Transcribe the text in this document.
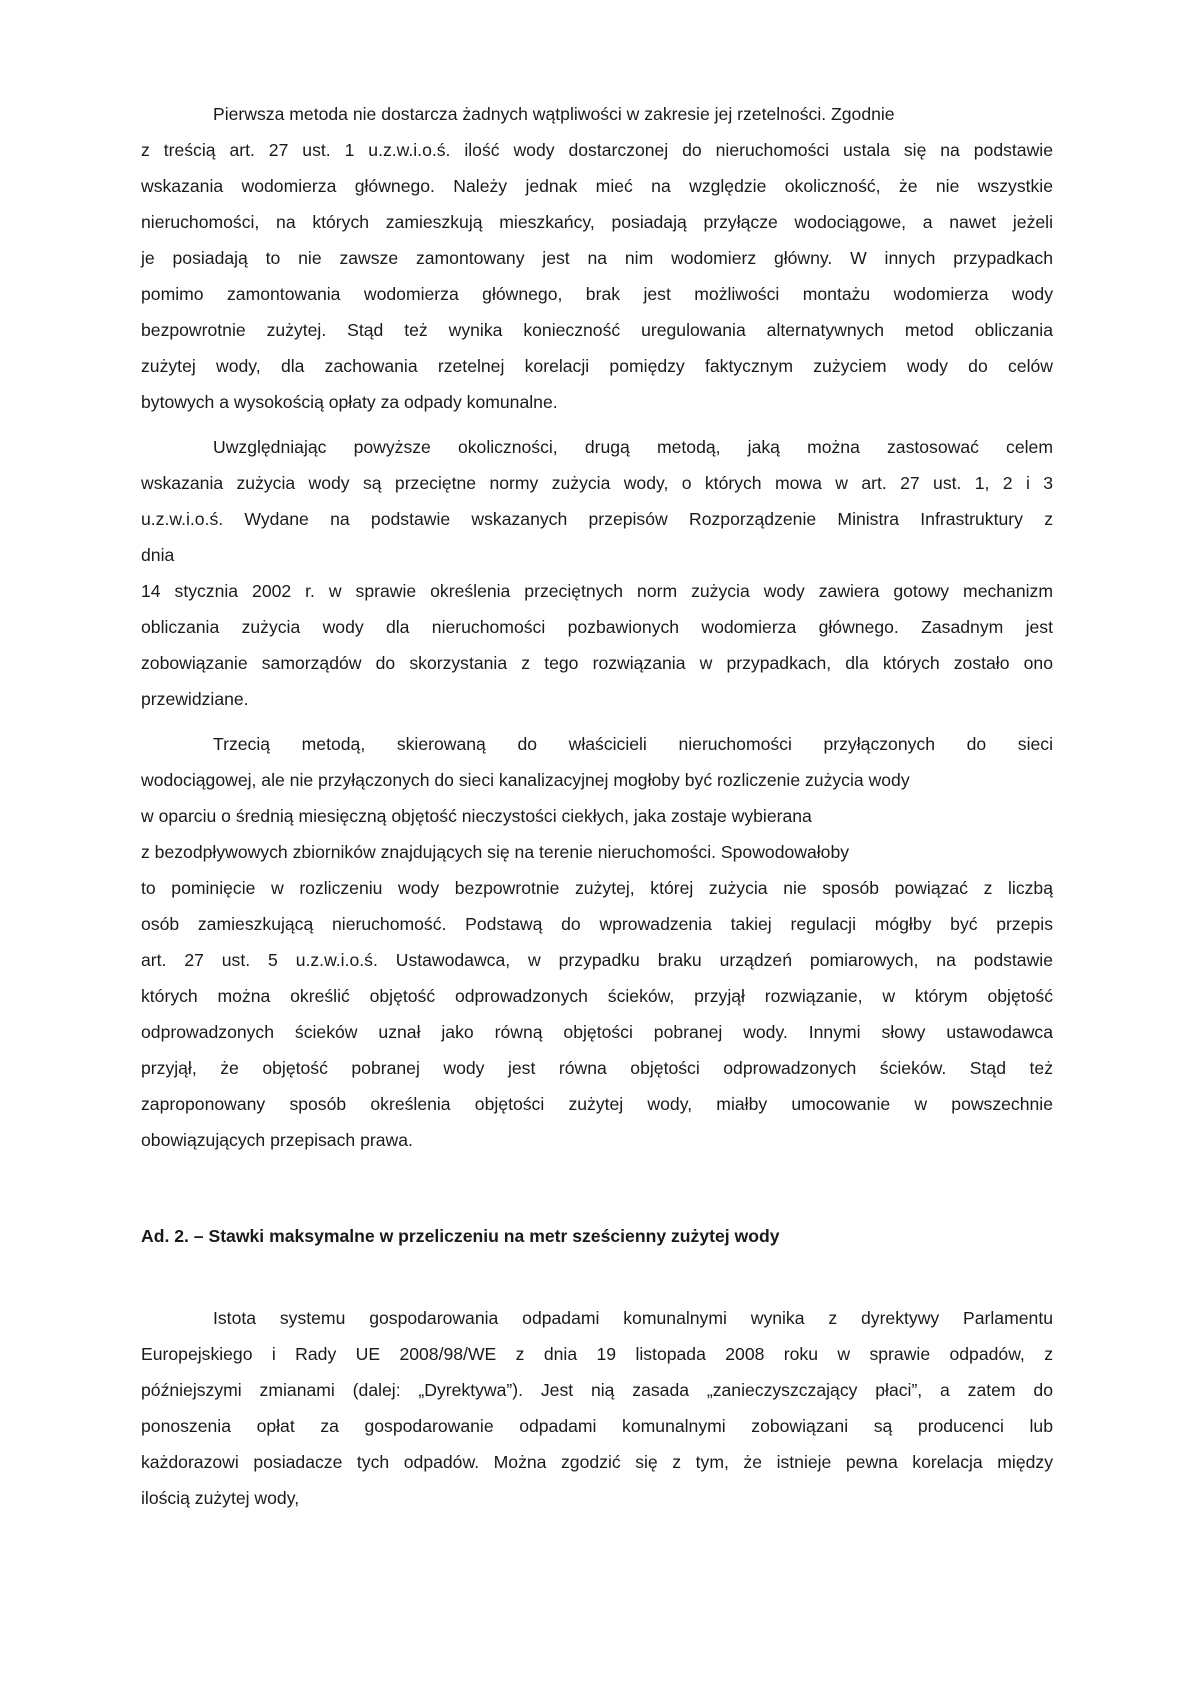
Pierwsza metoda nie dostarcza żadnych wątpliwości w zakresie jej rzetelności. Zgodnie
z treścią art. 27 ust. 1 u.z.w.i.o.ś. ilość wody dostarczonej do nieruchomości ustala się na podstawie
wskazania wodomierza głównego. Należy jednak mieć na względzie okoliczność, że nie wszystkie
nieruchomości, na których zamieszkują mieszkańcy, posiadają przyłącze wodociągowe, a nawet jeżeli
je posiadają to nie zawsze zamontowany jest na nim wodomierz główny. W innych przypadkach
pomimo zamontowania wodomierza głównego, brak jest możliwości montażu wodomierza wody
bezpowrotnie zużytej. Stąd też wynika konieczność uregulowania alternatywnych metod obliczania
zużytej wody, dla zachowania rzetelnej korelacji pomiędzy faktycznym zużyciem wody do celów
bytowych a wysokością opłaty za odpady komunalne.
Uwzględniając powyższe okoliczności, drugą metodą, jaką można zastosować celem
wskazania zużycia wody są przeciętne normy zużycia wody, o których mowa w art. 27 ust. 1, 2 i 3
u.z.w.i.o.ś. Wydane na podstawie wskazanych przepisów Rozporządzenie Ministra Infrastruktury z
dnia
14 stycznia 2002 r. w sprawie określenia przeciętnych norm zużycia wody zawiera gotowy mechanizm
obliczania zużycia wody dla nieruchomości pozbawionych wodomierza głównego. Zasadnym jest
zobowiązanie samorządów do skorzystania z tego rozwiązania w przypadkach, dla których zostało ono
przewidziane.
Trzecią metodą, skierowaną do właścicieli nieruchomości przyłączonych do sieci
wodociągowej, ale nie przyłączonych do sieci kanalizacyjnej mogłoby być rozliczenie zużycia wody
w oparciu o średnią miesięczną objętość nieczystości ciekłych, jaka zostaje wybierana
z bezodpływowych zbiorników znajdujących się na terenie nieruchomości. Spowodowałoby
to pominięcie w rozliczeniu wody bezpowrotnie zużytej, której zużycia nie sposób powiązać z liczbą
osób zamieszkującą nieruchomość. Podstawą do wprowadzenia takiej regulacji mógłby być przepis
art. 27 ust. 5 u.z.w.i.o.ś. Ustawodawca, w przypadku braku urządzeń pomiarowych, na podstawie
których można określić objętość odprowadzonych ścieków, przyjął rozwiązanie, w którym objętość
odprowadzonych ścieków uznał jako równą objętości pobranej wody. Innymi słowy ustawodawca
przyjął, że objętość pobranej wody jest równa objętości odprowadzonych ścieków. Stąd też
zaproponowany sposób określenia objętości zużytej wody, miałby umocowanie w powszechnie
obowiązujących przepisach prawa.
Ad. 2. – Stawki maksymalne w przeliczeniu na metr sześcienny zużytej wody
Istota systemu gospodarowania odpadami komunalnymi wynika z dyrektywy Parlamentu
Europejskiego i Rady UE 2008/98/WE z dnia 19 listopada 2008 roku w sprawie odpadów, z
późniejszymi zmianami (dalej: „Dyrektywa”). Jest nią zasada „zanieczyszczający płaci”, a zatem do
ponoszenia opłat za gospodarowanie odpadami komunalnymi zobowiązani są producenci lub
każdorazowi posiadacze tych odpadów. Można zgodzić się z tym, że istnieje pewna korelacja między
ilością zużytej wody,
